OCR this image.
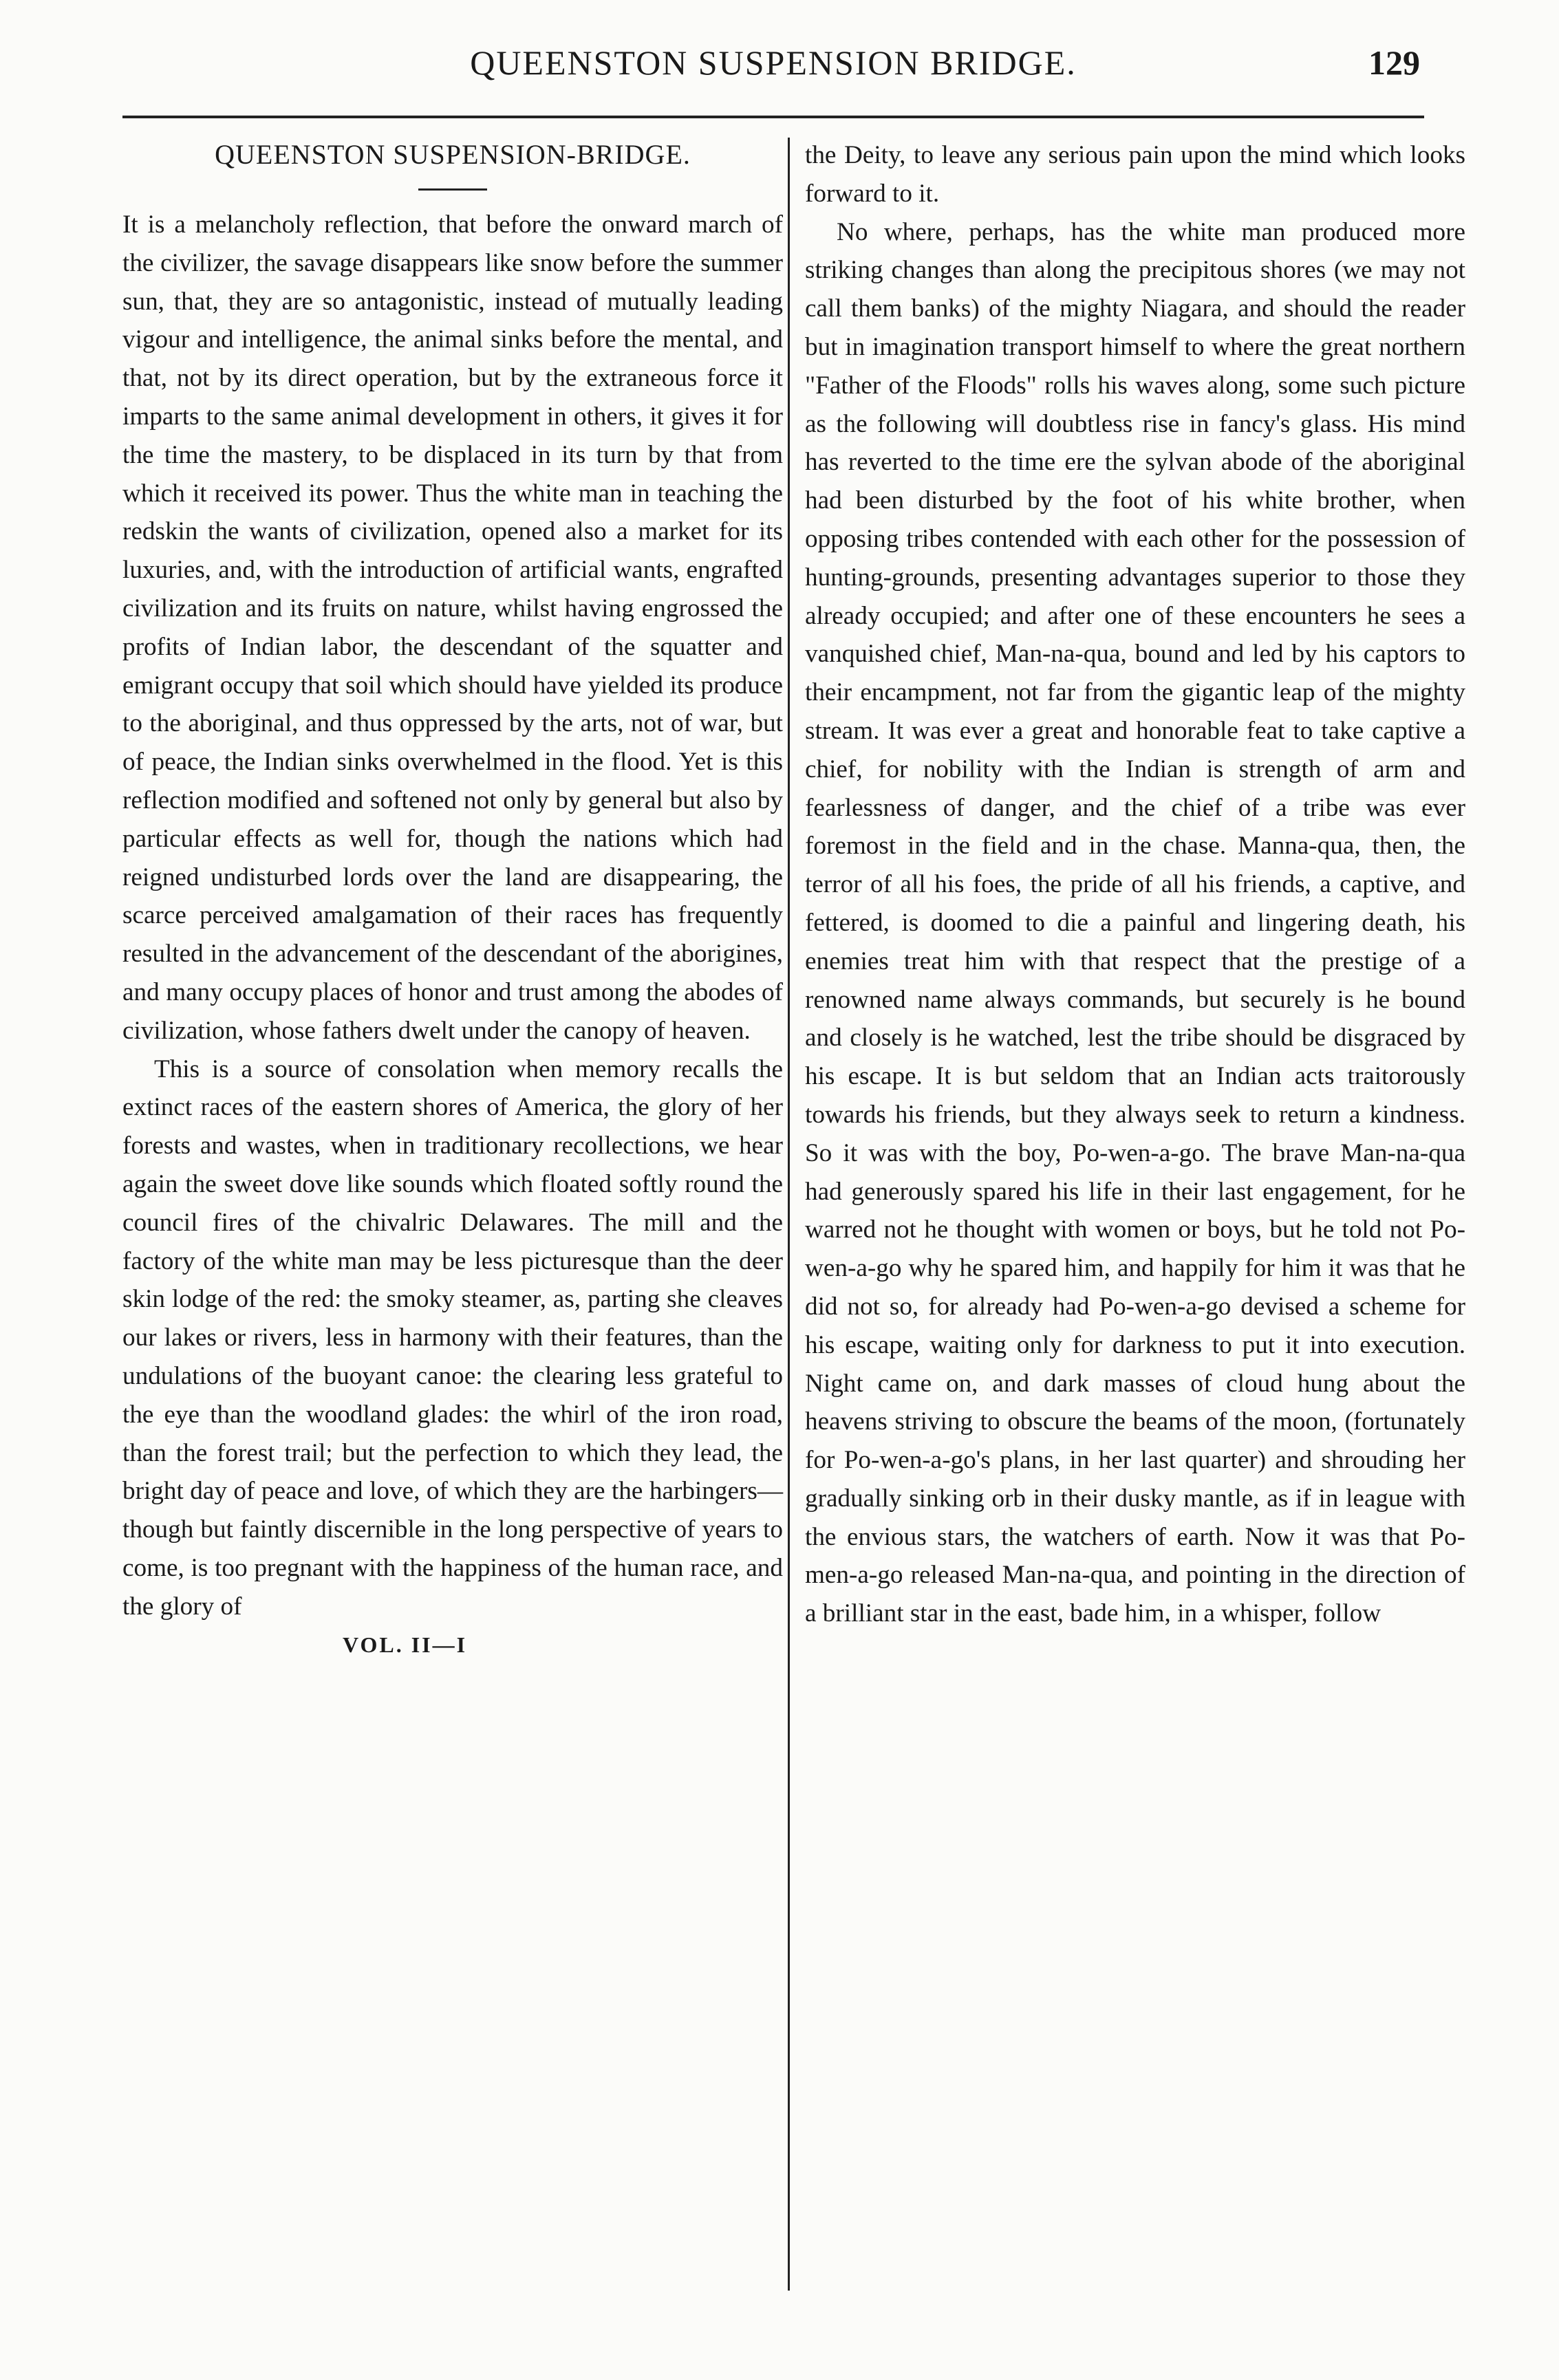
QUEENSTON SUSPENSION BRIDGE.	129
QUEENSTON SUSPENSION-BRIDGE.

It is a melancholy reflection, that before the onward march of the civilizer, the savage disappears like snow before the summer sun, that, they are so antagonistic, instead of mutually leading vigour and intelligence, the animal sinks before the mental, and that, not by its direct operation, but by the extraneous force it imparts to the same animal development in others, it gives it for the time the mastery, to be displaced in its turn by that from which it received its power. Thus the white man in teaching the redskin the wants of civilization, opened also a market for its luxuries, and, with the introduction of artificial wants, engrafted civilization and its fruits on nature, whilst having engrossed the profits of Indian labor, the descendant of the squatter and emigrant occupy that soil which should have yielded its produce to the aboriginal, and thus oppressed by the arts, not of war, but of peace, the Indian sinks overwhelmed in the flood. Yet is this reflection modified and softened not only by general but also by particular effects as well for, though the nations which had reigned undisturbed lords over the land are disappearing, the scarce perceived amalgamation of their races has frequently resulted in the advancement of the descendant of the aborigines, and many occupy places of honor and trust among the abodes of civilization, whose fathers dwelt under the canopy of heaven.

This is a source of consolation when memory recalls the extinct races of the eastern shores of America, the glory of her forests and wastes, when in traditionary recollections, we hear again the sweet dove like sounds which floated softly round the council fires of the chivalric Delawares. The mill and the factory of the white man may be less picturesque than the deer skin lodge of the red: the smoky steamer, as, parting she cleaves our lakes or rivers, less in harmony with their features, than the undulations of the buoyant canoe: the clearing less grateful to the eye than the woodland glades: the whirl of the iron road, than the forest trail; but the perfection to which they lead, the bright day of peace and love, of which they are the harbingers—though but faintly discernible in the long perspective of years to come, is too pregnant with the happiness of the human race, and the glory of

VOL. II—I

the Deity, to leave any serious pain upon the mind which looks forward to it.

No where, perhaps, has the white man produced more striking changes than along the precipitous shores (we may not call them banks) of the mighty Niagara, and should the reader but in imagination transport himself to where the great northern "Father of the Floods" rolls his waves along, some such picture as the following will doubtless rise in fancy's glass. His mind has reverted to the time ere the sylvan abode of the aboriginal had been disturbed by the foot of his white brother, when opposing tribes contended with each other for the possession of hunting-grounds, presenting advantages superior to those they already occupied; and after one of these encounters he sees a vanquished chief, Man-na-qua, bound and led by his captors to their encampment, not far from the gigantic leap of the mighty stream. It was ever a great and honorable feat to take captive a chief, for nobility with the Indian is strength of arm and fearlessness of danger, and the chief of a tribe was ever foremost in the field and in the chase. Manna-qua, then, the terror of all his foes, the pride of all his friends, a captive, and fettered, is doomed to die a painful and lingering death, his enemies treat him with that respect that the prestige of a renowned name always commands, but securely is he bound and closely is he watched, lest the tribe should be disgraced by his escape. It is but seldom that an Indian acts traitorously towards his friends, but they always seek to return a kindness. So it was with the boy, Po-wen-a-go. The brave Man-na-qua had generously spared his life in their last engagement, for he warred not he thought with women or boys, but he told not Po-wen-a-go why he spared him, and happily for him it was that he did not so, for already had Po-wen-a-go devised a scheme for his escape, waiting only for darkness to put it into execution. Night came on, and dark masses of cloud hung about the heavens striving to obscure the beams of the moon, (fortunately for Po-wen-a-go's plans, in her last quarter) and shrouding her gradually sinking orb in their dusky mantle, as if in league with the envious stars, the watchers of earth. Now it was that Po-men-a-go released Man-na-qua, and pointing in the direction of a brilliant star in the east, bade him, in a whisper, follow
